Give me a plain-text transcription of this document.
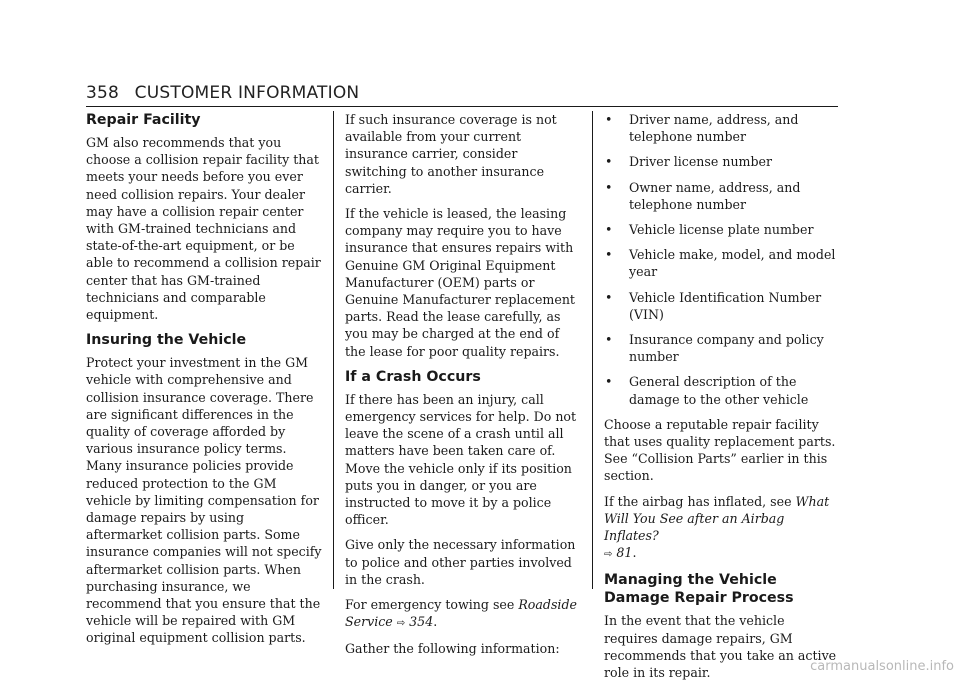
358 CUSTOMER INFORMATION
Repair Facility

GM also recommends that you choose a collision repair facility that meets your needs before you ever need collision repairs. Your dealer may have a collision repair center with GM-trained technicians and state-of-the-art equipment, or be able to recommend a collision repair center that has GM-trained technicians and comparable equipment.

Insuring the Vehicle

Protect your investment in the GM vehicle with comprehensive and collision insurance coverage. There are significant differences in the quality of coverage afforded by various insurance policy terms. Many insurance policies provide reduced protection to the GM vehicle by limiting compensation for damage repairs by using aftermarket collision parts. Some insurance companies will not specify aftermarket collision parts. When purchasing insurance, we recommend that you ensure that the vehicle will be repaired with GM original equipment collision parts.

If such insurance coverage is not available from your current insurance carrier, consider switching to another insurance carrier.

If the vehicle is leased, the leasing company may require you to have insurance that ensures repairs with Genuine GM Original Equipment Manufacturer (OEM) parts or Genuine Manufacturer replacement parts. Read the lease carefully, as you may be charged at the end of the lease for poor quality repairs.

If a Crash Occurs

If there has been an injury, call emergency services for help. Do not leave the scene of a crash until all matters have been taken care of. Move the vehicle only if its position puts you in danger, or you are instructed to move it by a police officer.

Give only the necessary information to police and other parties involved in the crash.

For emergency towing see Roadside Service ⇨ 354.

Gather the following information:

• Driver name, address, and telephone number
• Driver license number
• Owner name, address, and telephone number
• Vehicle license plate number
• Vehicle make, model, and model year
• Vehicle Identification Number (VIN)
• Insurance company and policy number
• General description of the damage to the other vehicle

Choose a reputable repair facility that uses quality replacement parts. See “Collision Parts” earlier in this section.

If the airbag has inflated, see What Will You See after an Airbag Inflates?
⇨ 81.

Managing the Vehicle Damage Repair Process

In the event that the vehicle requires damage repairs, GM recommends that you take an active role in its repair.	carmanualsonline.info
